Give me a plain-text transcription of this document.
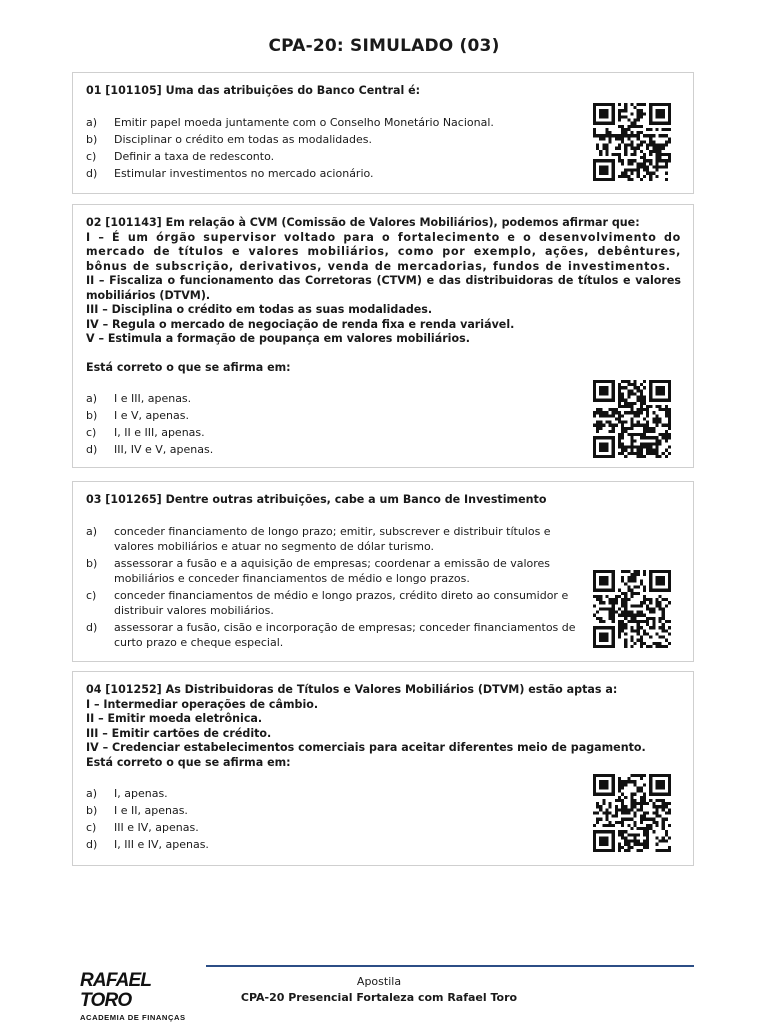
CPA-20: SIMULADO (03)
01 [101105] Uma das atribuições do Banco Central é:
a)	Emitir papel moeda juntamente com o Conselho Monetário Nacional.
b)	Disciplinar o crédito em todas as modalidades.
c)	Definir a taxa de redesconto.
d)	Estimular investimentos no mercado acionário.
02 [101143] Em relação à CVM (Comissão de Valores Mobiliários), podemos afirmar que:
I – É um órgão supervisor voltado para o fortalecimento e o desenvolvimento do mercado de títulos e valores mobiliários, como por exemplo, ações, debêntures, bônus de subscrição, derivativos, venda de mercadorias, fundos de investimentos.
II – Fiscaliza o funcionamento das Corretoras (CTVM) e das distribuidoras de títulos e valores mobiliários (DTVM).
III – Disciplina o crédito em todas as suas modalidades.
IV – Regula o mercado de negociação de renda fixa e renda variável.
V – Estimula a formação de poupança em valores mobiliários.
Está correto o que se afirma em:
a)	I e III, apenas.
b)	I e V, apenas.
c)	I, II e III, apenas.
d)	III, IV e V, apenas.
03 [101265] Dentre outras atribuições, cabe a um Banco de Investimento
a)	conceder financiamento de longo prazo; emitir, subscrever e distribuir títulos e valores mobiliários e atuar no segmento de dólar turismo.
b)	assessorar a fusão e a aquisição de empresas; coordenar a emissão de valores mobiliários e conceder financiamentos de médio e longo prazos.
c)	conceder financiamentos de médio e longo prazos, crédito direto ao consumidor e distribuir valores mobiliários.
d)	assessorar a fusão, cisão e incorporação de empresas; conceder financiamentos de curto prazo e cheque especial.
04 [101252] As Distribuidoras de Títulos e Valores Mobiliários (DTVM) estão aptas a:
I – Intermediar operações de câmbio.
II – Emitir moeda eletrônica.
III – Emitir cartões de crédito.
IV – Credenciar estabelecimentos comerciais para aceitar diferentes meio de pagamento.
Está correto o que se afirma em:
a)	I, apenas.
b)	I e II, apenas.
c)	III e IV, apenas.
d)	I, III e IV, apenas.
RAFAEL TORO
ACADEMIA DE FINANÇAS
Apostila
CPA-20 Presencial Fortaleza com Rafael Toro
